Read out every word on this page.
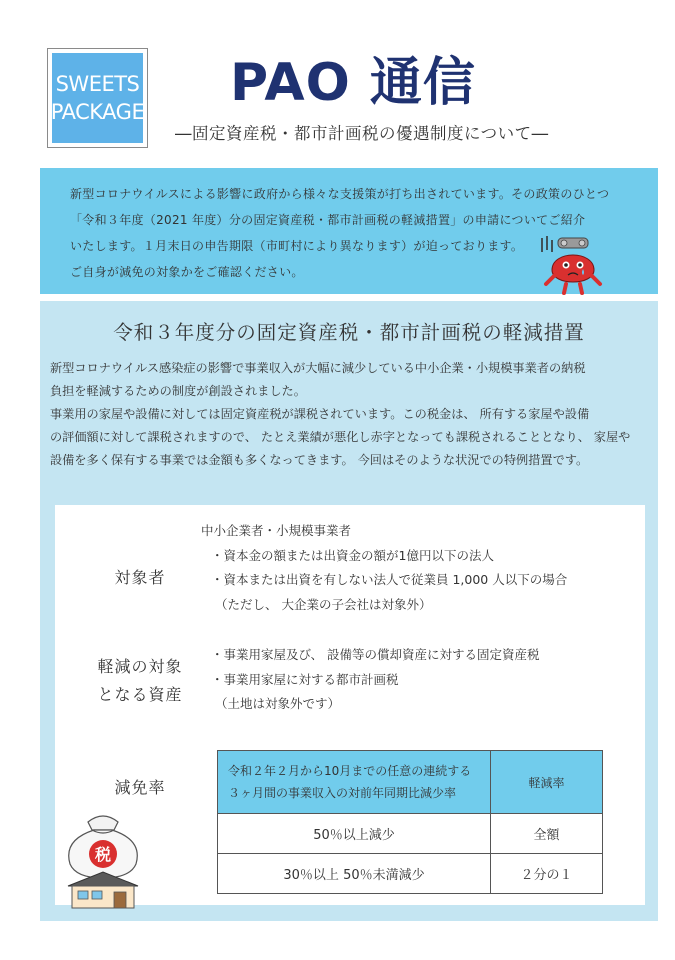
SWEETS
PACKAGE PAO 通信
―固定資産税・都市計画税の優遇制度について―

新型コロナウイルスによる影響に政府から様々な支援策が打ち出されています。その政策のひとつ

「令和３年度（2021 年度）分の固定資産税・都市計画税の軽減措置」の申請についてご紹介

いたします。１月末日の申告期限（市町村により異なります）が迫っております。

ご自身が減免の対象かをご確認ください。

令和３年度分の固定資産税・都市計画税の軽減措置

新型コロナウイルス感染症の影響で事業収入が大幅に減少している中小企業・小規模事業者の納税

負担を軽減するための制度が創設されました。

事業用の家屋や設備に対しては固定資産税が課税されています。この税金は、 所有する家屋や設備

の評価額に対して課税されますので、 たとえ業績が悪化し赤字となっても課税されることとなり、 家屋や

設備を多く保有する事業では金額も多くなってきます。 今回はそのような状況での特例措置です。

対象者

中小企業者・小規模事業者

・資本金の額または出資金の額が1億円以下の法人

・資本または出資を有しない法人で従業員 1,000 人以下の場合

（ただし、 大企業の子会社は対象外）

軽減の対象
となる資産

・事業用家屋及び、 設備等の償却資産に対する固定資産税

・事業用家屋に対する都市計画税

（土地は対象外です）

減免率
令和２年２月から10月までの任意の連続する
３ヶ月間の事業収入の対前年同期比減少率	軽減率
50％以上減少	全額
30％以上 50％未満減少	２分の１
税
